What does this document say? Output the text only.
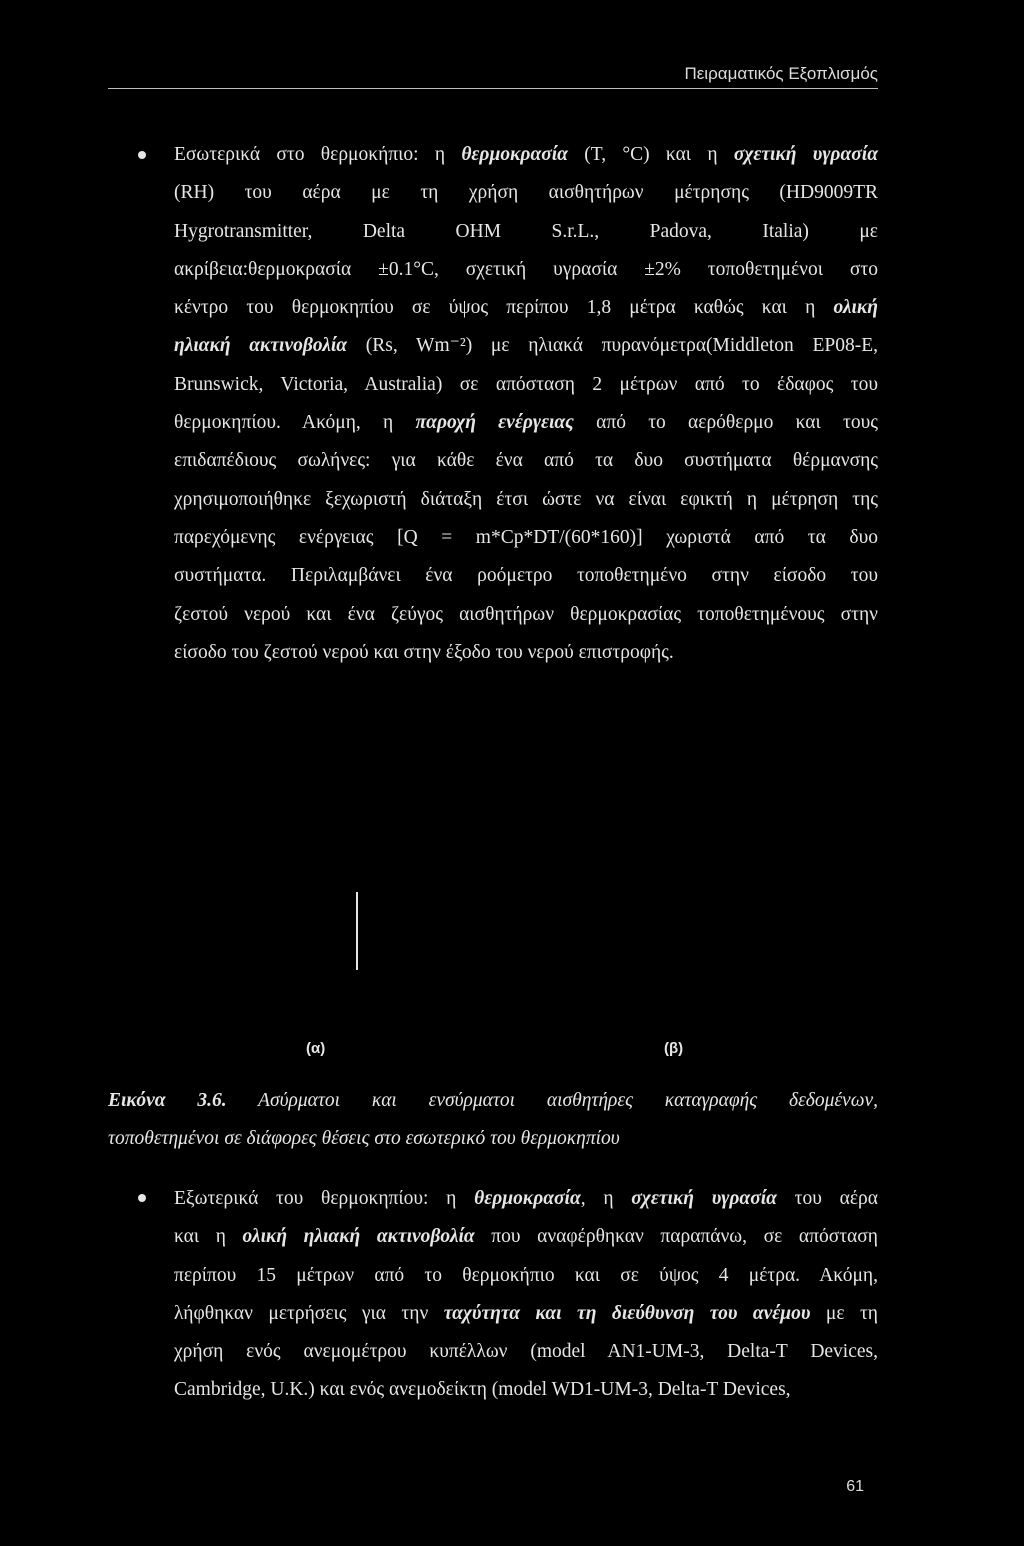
Πειραματικός Εξοπλισμός
Εσωτερικά στο θερμοκήπιο: η θερμοκρασία (T, °C) και η σχετική υγρασία
(RH) του αέρα με τη χρήση αισθητήρων μέτρησης (HD9009TR
Hygrotransmitter, Delta OHM S.r.L., Padova, Italia) με
ακρίβεια:θερμοκρασία ±0.1°C, σχετική υγρασία ±2% τοποθετημένοι στο
κέντρο του θερμοκηπίου σε ύψος περίπου 1,8 μέτρα καθώς και η ολική
ηλιακή ακτινοβολία (Rs, Wm⁻²) με ηλιακά πυρανόμετρα(Middleton EP08-E,
Brunswick, Victoria, Australia) σε απόσταση 2 μέτρων από το έδαφος του
θερμοκηπίου. Ακόμη, η παροχή ενέργειας από το αερόθερμο και τους
επιδαπέδιους σωλήνες: για κάθε ένα από τα δυο συστήματα θέρμανσης
χρησιμοποιήθηκε ξεχωριστή διάταξη έτσι ώστε να είναι εφικτή η μέτρηση της
παρεχόμενης ενέργειας [Q = m*Cp*DT/(60*160)] χωριστά από τα δυο
συστήματα. Περιλαμβάνει ένα ροόμετρο τοποθετημένο στην είσοδο του
ζεστού νερού και ένα ζεύγος αισθητήρων θερμοκρασίας τοποθετημένους στην
είσοδο του ζεστού νερού και στην έξοδο του νερού επιστροφής.
(α)	(β)
Εικόνα 3.6. Ασύρματοι και ενσύρματοι αισθητήρες καταγραφής δεδομένων,
τοποθετημένοι σε διάφορες θέσεις στο εσωτερικό του θερμοκηπίου
Εξωτερικά του θερμοκηπίου: η θερμοκρασία, η σχετική υγρασία του αέρα
και η ολική ηλιακή ακτινοβολία που αναφέρθηκαν παραπάνω, σε απόσταση
περίπου 15 μέτρων από το θερμοκήπιο και σε ύψος 4 μέτρα. Ακόμη,
λήφθηκαν μετρήσεις για την ταχύτητα και τη διεύθυνση του ανέμου με τη
χρήση ενός ανεμομέτρου κυπέλλων (model AN1-UM-3, Delta-T Devices,
Cambridge, U.K.) και ενός ανεμοδείκτη (model WD1-UM-3, Delta-T Devices,
61
